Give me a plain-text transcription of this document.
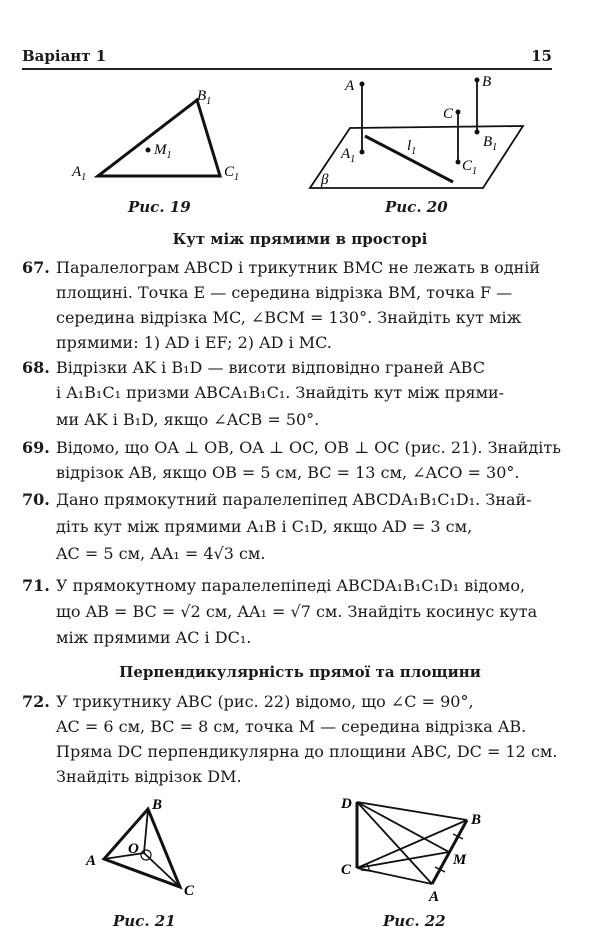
Варіант 1	15
$B_1$
$M_1$
$A_1$	$C_1$
Рис. 19
A	B
C
$A_1$
$B_1$
$C_1$
$l_1$
β
Рис. 20
Кут між прямими в просторі
67. Паралелограм ABCD і трикутник BMC не лежать в одній
площині. Точка E — середина відрізка BM, точка F —
середина відрізка MC, ∠BCM = 130°. Знайдіть кут між
прямими: 1) AD і EF; 2) AD і MC.
68. Відрізки AK і B₁D — висоти відповідно граней ABC
і A₁B₁C₁ призми ABCA₁B₁C₁. Знайдіть кут між прями-
ми AK і B₁D, якщо ∠ACB = 50°.
69. Відомо, що OA ⊥ OB, OA ⊥ OC, OB ⊥ OC (рис. 21). Знайдіть
відрізок AB, якщо OB = 5 см, BC = 13 см, ∠ACO = 30°.
70. Дано прямокутний паралелепіпед ABCDA₁B₁C₁D₁. Знай-
діть кут між прямими A₁B і C₁D, якщо AD = 3 см,
AC = 5 см, AA₁ = 4√3 см.
71. У прямокутному паралелепіпеді ABCDA₁B₁C₁D₁ відомо,
що AB = BC = √2 см, AA₁ = √7 см. Знайдіть косинус кута
між прямими AC і DC₁.
Перпендикулярність прямої та площини
72. У трикутнику ABC (рис. 22) відомо, що ∠C = 90°,
AC = 6 см, BC = 8 см, точка M — середина відрізка AB.
Пряма DC перпендикулярна до площини ABC, DC = 12 см.
Знайдіть відрізок DM.
B
O
A
C
Рис. 21
D
B
M
C
A
Рис. 22
